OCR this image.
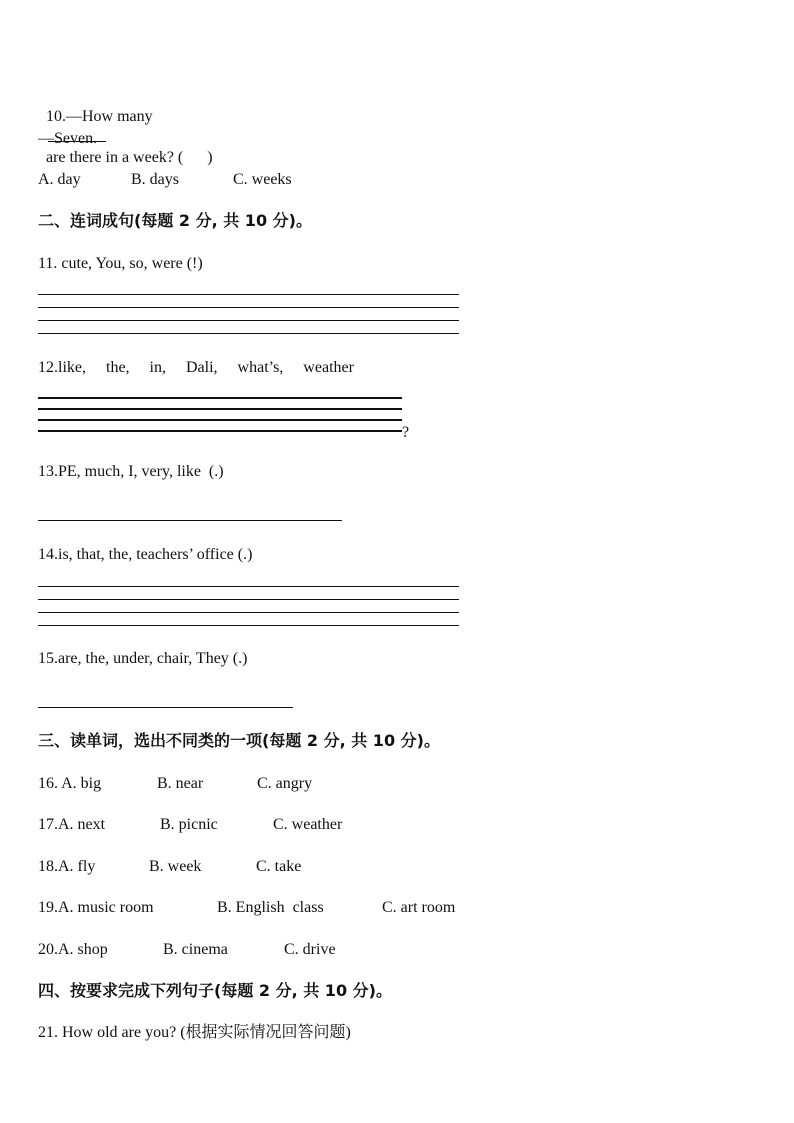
10.—How many

are there in a week? (      )

—Seven.
A. day	B. days	C. weeks
二、连词成句(每题 2 分, 共 10 分)。
11. cute, You, so, were (!)
12.like,     the,     in,     Dali,     what’s,     weather
?
13.PE, much, I, very, like  (.)
14.is, that, the, teachers’ office (.)
15.are, the, under, chair, They (.)
三、读单词，选出不同类的一项(每题 2 分, 共 10 分)。
16. A. big	B. near	C. angry
17.A. next	B. picnic	C. weather
18.A. fly	B. week	C. take
19.A. music room	B. English  class	C. art room
20.A. shop	B. cinema	C. drive
四、按要求完成下列句子(每题 2 分, 共 10 分)。
21. How old are you? (根据实际情况回答问题)
